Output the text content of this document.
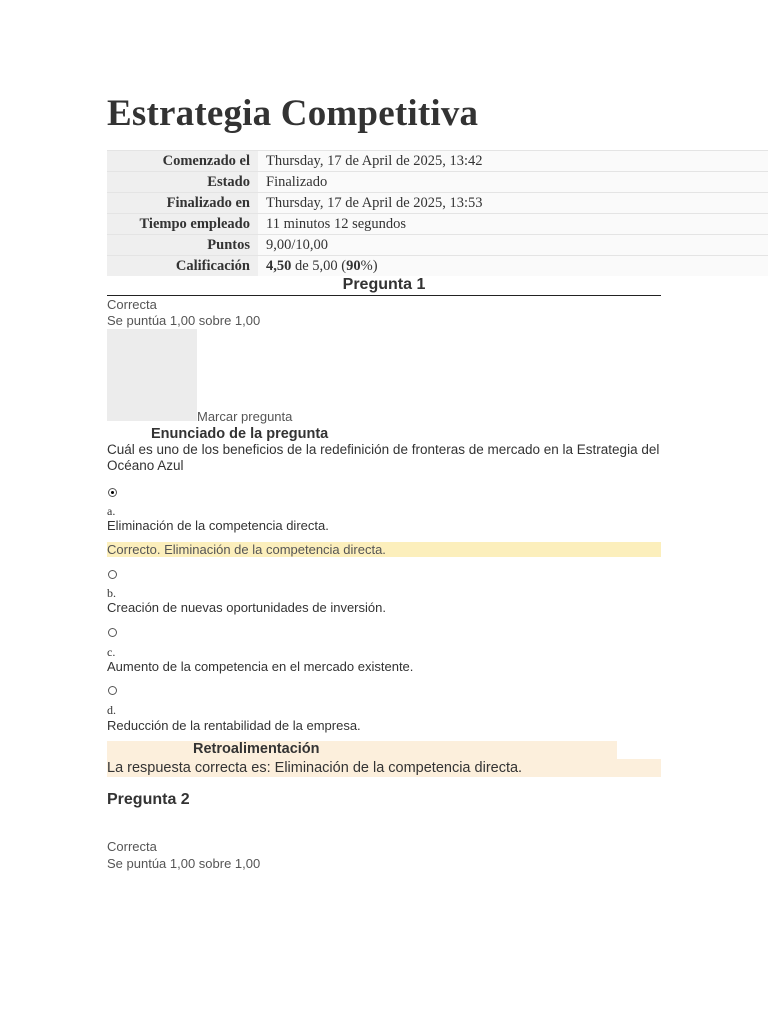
Estrategia Competitiva
Comenzado el	Thursday, 17 de April de 2025, 13:42
Estado	Finalizado
Finalizado en	Thursday, 17 de April de 2025, 13:53
Tiempo empleado	11 minutos 12 segundos
Puntos	9,00/10,00
Calificación	4,50 de 5,00 (90%)
Pregunta 1
Correcta
Se puntúa 1,00 sobre 1,00
Marcar pregunta
Enunciado de la pregunta
Cuál es uno de los beneficios de la redefinición de fronteras de mercado en la Estrategia del Océano Azul
a.
Eliminación de la competencia directa.
Correcto. Eliminación de la competencia directa.
b.
Creación de nuevas oportunidades de inversión.
c.
Aumento de la competencia en el mercado existente.
d.
Reducción de la rentabilidad de la empresa.
Retroalimentación
La respuesta correcta es: Eliminación de la competencia directa.
Pregunta 2
Correcta
Se puntúa 1,00 sobre 1,00
